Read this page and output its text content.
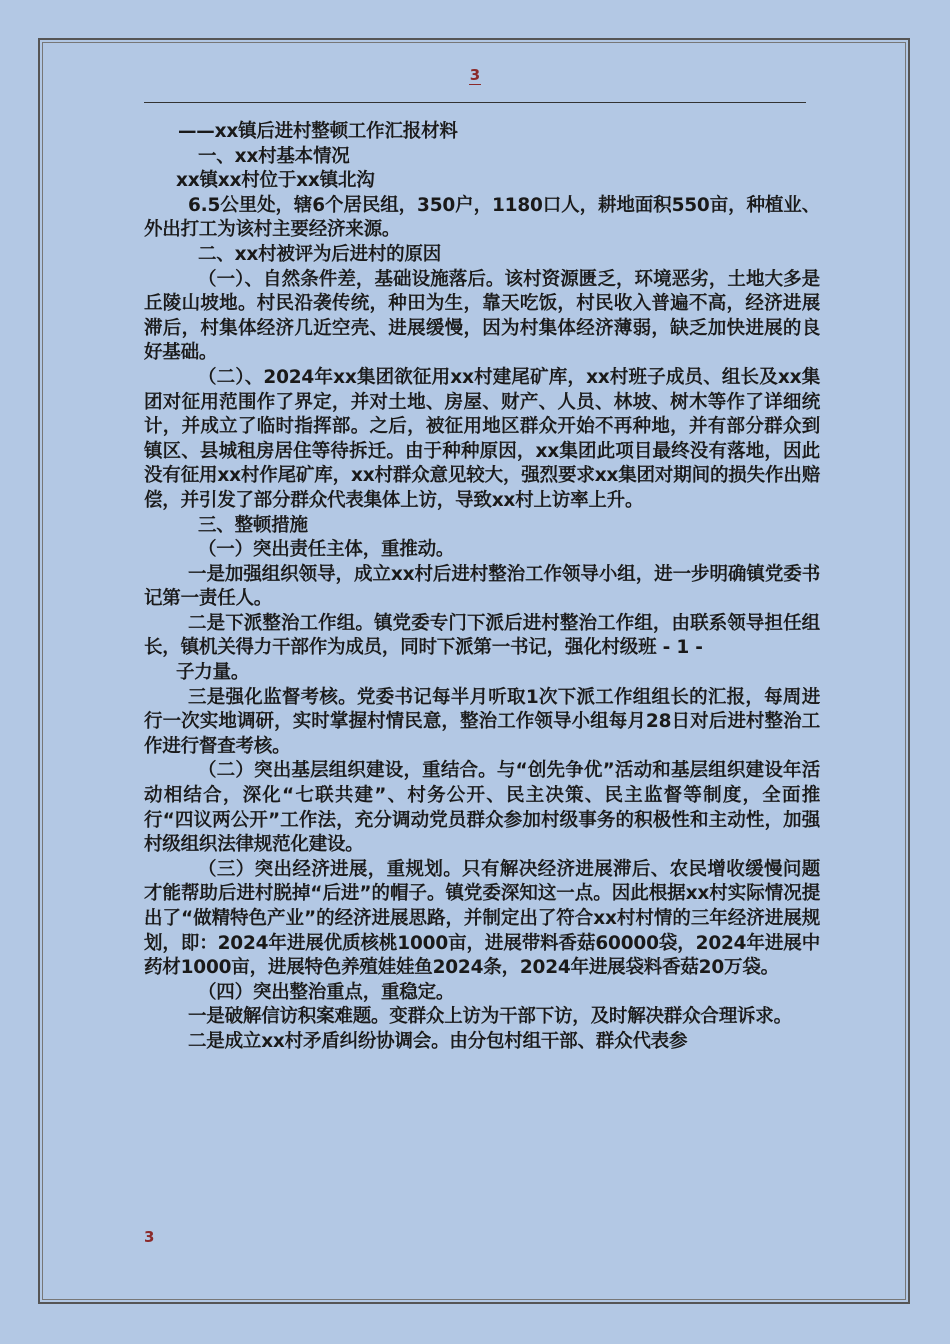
3

——xx镇后进村整顿工作汇报材料

一、xx村基本情况

xx镇xx村位于xx镇北沟

6.5公里处，辖6个居民组，350户，1180口人，耕地面积550亩，种植业、外出打工为该村主要经济来源。

二、xx村被评为后进村的原因

（一）、自然条件差，基础设施落后。该村资源匮乏，环境恶劣，土地大多是丘陵山坡地。村民沿袭传统，种田为生，靠天吃饭，村民收入普遍不高，经济进展滞后，村集体经济几近空壳、进展缓慢，因为村集体经济薄弱，缺乏加快进展的良好基础。

（二）、2024年xx集团欲征用xx村建尾矿库，xx村班子成员、组长及xx集团对征用范围作了界定，并对土地、房屋、财产、人员、林坡、树木等作了详细统计，并成立了临时指挥部。之后，被征用地区群众开始不再种地，并有部分群众到镇区、县城租房居住等待拆迁。由于种种原因，xx集团此项目最终没有落地，因此没有征用xx村作尾矿库，xx村群众意见较大，强烈要求xx集团对期间的损失作出赔偿，并引发了部分群众代表集体上访，导致xx村上访率上升。

三、整顿措施

（一）突出责任主体，重推动。

一是加强组织领导，成立xx村后进村整治工作领导小组，进一步明确镇党委书记第一责任人。

二是下派整治工作组。镇党委专门下派后进村整治工作组，由联系领导担任组长，镇机关得力干部作为成员，同时下派第一书记，强化村级班 - 1 -

子力量。

三是强化监督考核。党委书记每半月听取1次下派工作组组长的汇报，每周进行一次实地调研，实时掌握村情民意，整治工作领导小组每月28日对后进村整治工作进行督查考核。

（二）突出基层组织建设，重结合。与“创先争优”活动和基层组织建设年活动相结合，深化“七联共建”、村务公开、民主决策、民主监督等制度，全面推行“四议两公开”工作法，充分调动党员群众参加村级事务的积极性和主动性，加强村级组织法律规范化建设。

（三）突出经济进展，重规划。只有解决经济进展滞后、农民增收缓慢问题才能帮助后进村脱掉“后进”的帽子。镇党委深知这一点。因此根据xx村实际情况提出了“做精特色产业”的经济进展思路，并制定出了符合xx村村情的三年经济进展规划，即：2024年进展优质核桃1000亩，进展带料香菇60000袋，2024年进展中药材1000亩，进展特色养殖娃娃鱼2024条，2024年进展袋料香菇20万袋。

（四）突出整治重点，重稳定。

一是破解信访积案难题。变群众上访为干部下访，及时解决群众合理诉求。

二是成立xx村矛盾纠纷协调会。由分包村组干部、群众代表参

3
